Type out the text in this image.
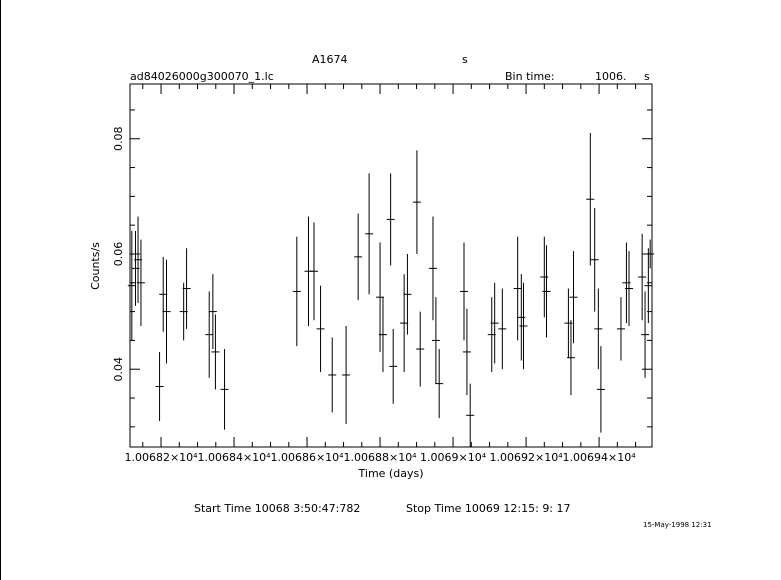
A1674	s
ad84026000g300070_1.lc	Bin time:	1006. s
1.00682×10⁴ 1.00684×10⁴ 1.00686×10⁴ 1.00688×10⁴ 1.0069×10⁴ 1.00692×10⁴ 1.00694×10⁴
0.04
0.06
0.08
Time (days)
Counts/s
Start Time 10068 3:50:47:782	Stop Time 10069 12:15: 9: 17
15-May-1998 12:31
